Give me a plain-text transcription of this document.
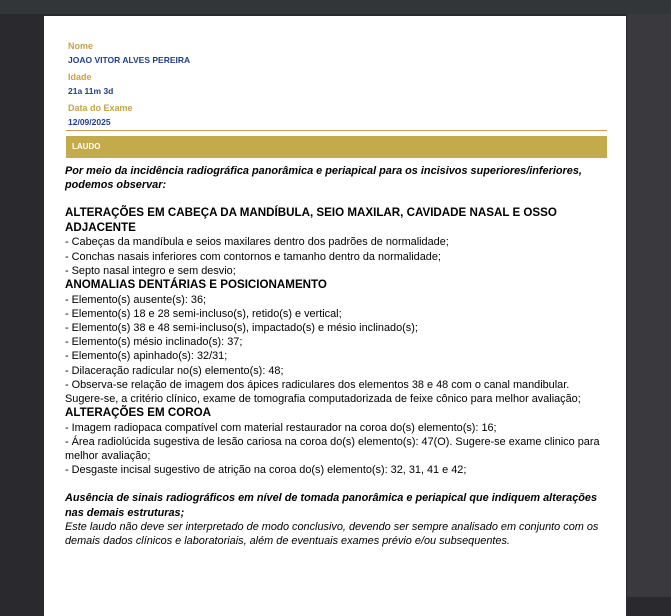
Nome
JOAO VITOR ALVES PEREIRA
Idade
21a 11m 3d
Data do Exame
12/09/2025
LAUDO

Por meio da incidência radiográfica panorâmica e periapical para os incisivos superiores/inferiores, podemos observar:

ALTERAÇÕES EM CABEÇA DA MANDÍBULA, SEIO MAXILAR, CAVIDADE NASAL E OSSO ADJACENTE

- Cabeças da mandíbula e seios maxilares dentro dos padrões de normalidade;

- Conchas nasais inferiores com contornos e tamanho dentro da normalidade;

- Septo nasal integro e sem desvio;

ANOMALIAS DENTÁRIAS E POSICIONAMENTO

- Elemento(s) ausente(s): 36;

- Elemento(s) 18 e 28 semi-incluso(s), retido(s) e vertical;

- Elemento(s) 38 e 48 semi-incluso(s), impactado(s) e mésio inclinado(s);

- Elemento(s) mésio inclinado(s): 37;

- Elemento(s) apinhado(s): 32/31;

- Dilaceração radicular no(s) elemento(s): 48;

- Observa-se relação de imagem dos ápices radiculares dos elementos 38 e 48 com o canal mandibular. Sugere-se, a critério clínico, exame de tomografia computadorizada de feixe cônico para melhor avaliação;

ALTERAÇÕES EM COROA

- Imagem radiopaca compatível com material restaurador na coroa do(s) elemento(s): 16;

- Área radiolúcida sugestiva de lesão cariosa na coroa do(s) elemento(s): 47(O). Sugere-se exame clinico para melhor avaliação;

- Desgaste incisal sugestivo de atrição na coroa do(s) elemento(s): 32, 31, 41 e 42;

Ausência de sinais radiográficos em nível de tomada panorâmica e periapical que indiquem alterações nas demais estruturas;

Este laudo não deve ser interpretado de modo conclusivo, devendo ser sempre analisado em conjunto com os demais dados clínicos e laboratoriais, além de eventuais exames prévio e/ou subsequentes.
